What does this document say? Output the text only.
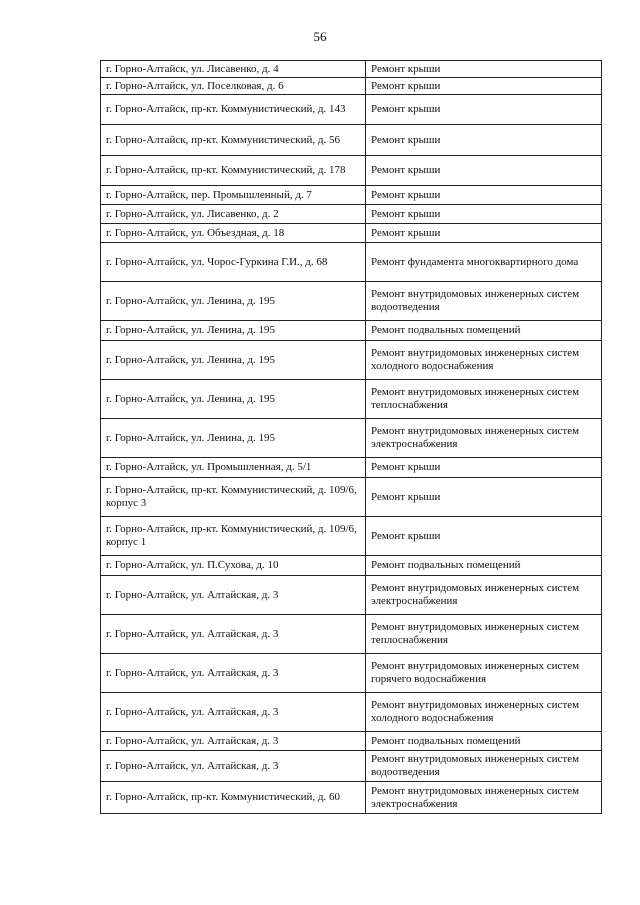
56
г. Горно-Алтайск, ул. Лисавенко, д. 4	Ремонт крыши
г. Горно-Алтайск, ул. Поселковая, д. 6	Ремонт крыши
г. Горно-Алтайск, пр-кт. Коммунистический, д. 143	Ремонт крыши
г. Горно-Алтайск, пр-кт. Коммунистический, д. 56	Ремонт крыши
г. Горно-Алтайск, пр-кт. Коммунистический, д. 178	Ремонт крыши
г. Горно-Алтайск, пер. Промышленный, д. 7	Ремонт крыши
г. Горно-Алтайск, ул. Лисавенко, д. 2	Ремонт крыши
г. Горно-Алтайск, ул. Объездная, д. 18	Ремонт крыши
г. Горно-Алтайск, ул. Чорос-Гуркина Г.И., д. 68	Ремонт фундамента многоквартирного дома
г. Горно-Алтайск, ул. Ленина, д. 195	Ремонт внутридомовых инженерных систем водоотведения
г. Горно-Алтайск, ул. Ленина, д. 195	Ремонт подвальных помещений
г. Горно-Алтайск, ул. Ленина, д. 195	Ремонт внутридомовых инженерных систем холодного водоснабжения
г. Горно-Алтайск, ул. Ленина, д. 195	Ремонт внутридомовых инженерных систем теплоснабжения
г. Горно-Алтайск, ул. Ленина, д. 195	Ремонт внутридомовых инженерных систем электроснабжения
г. Горно-Алтайск, ул. Промышленная, д. 5/1	Ремонт крыши
г. Горно-Алтайск, пр-кт. Коммунистический, д. 109/6, корпус 3	Ремонт крыши
г. Горно-Алтайск, пр-кт. Коммунистический, д. 109/6, корпус 1	Ремонт крыши
г. Горно-Алтайск, ул. П.Сухова, д. 10	Ремонт подвальных помещений
г. Горно-Алтайск, ул. Алтайская, д. 3	Ремонт внутридомовых инженерных систем электроснабжения
г. Горно-Алтайск, ул. Алтайская, д. 3	Ремонт внутридомовых инженерных систем теплоснабжения
г. Горно-Алтайск, ул. Алтайская, д. 3	Ремонт внутридомовых инженерных систем горячего водоснабжения
г. Горно-Алтайск, ул. Алтайская, д. 3	Ремонт внутридомовых инженерных систем холодного водоснабжения
г. Горно-Алтайск, ул. Алтайская, д. 3	Ремонт подвальных помещений
г. Горно-Алтайск, ул. Алтайская, д. 3	Ремонт внутридомовых инженерных систем водоотведения
г. Горно-Алтайск, пр-кт. Коммунистический, д. 60	Ремонт внутридомовых инженерных систем электроснабжения
